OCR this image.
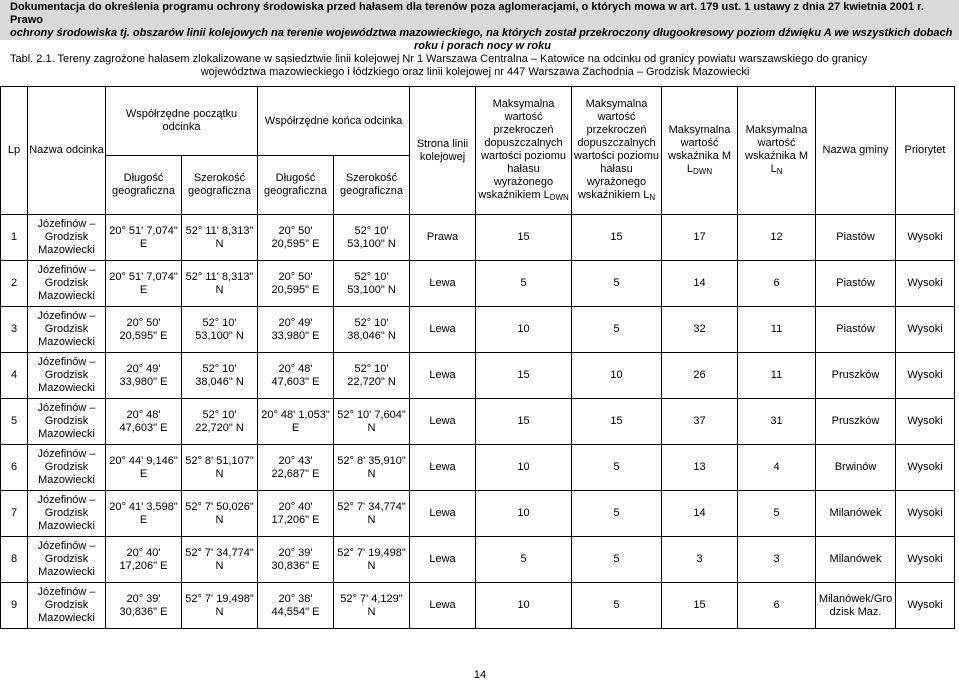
Dokumentacja do określenia programu ochrony środowiska przed hałasem dla terenów poza aglomeracjami, o których mowa w art. 179 ust. 1 ustawy z dnia 27 kwietnia 2001 r. Prawo
ochrony środowiska tj. obszarów linii kolejowych na terenie województwa mazowieckiego, na których został przekroczony długookresowy poziom dźwięku A we wszystkich dobach
roku i porach nocy w roku
Tabl. 2.1. Tereny zagrożone hałasem zlokalizowane w sąsiedztwie linii kolejowej Nr 1 Warszawa Centralna – Katowice na odcinku od granicy powiatu warszawskiego do granicy
województwa mazowieckiego i łódzkiego oraz linii kolejowej nr 447 Warszawa Zachodnia – Grodzisk Mazowiecki
Lp	Nazwa odcinka	Współrzędne początku odcinka		Współrzędne końca odcinka		Strona linii kolejowej	Maksymalna wartość przekroczeń dopuszczalnych wartości poziomu hałasu wyrażonego wskaźnikiem $L_{DWN}$	Maksymalna wartość przekroczeń dopuszczalnych wartości poziomu hałasu wyrażonego wskaźnikiem $L_N$	Maksymalna wartość wskaźnika M $L_{DWN}$	Maksymalna wartość wskaźnika M $L_N$	Nazwa gminy	Priorytet
		Długość geograficzna	Szerokość geograficzna	Długość geograficzna	Szerokość geograficzna							
1	Józefinów – Grodzisk Mazowiecki	20° 51' 7,074" E	52° 11' 8,313" N	20° 50' 20,595" E	52° 10' 53,100" N	Prawa	15	15	17	12	Piastów	Wysoki
2	Józefinów – Grodzisk Mazowiecki	20° 51' 7,074" E	52° 11' 8,313" N	20° 50' 20,595" E	52° 10' 53,100" N	Lewa	5	5	14	6	Piastów	Wysoki
3	Józefinów – Grodzisk Mazowiecki	20° 50' 20,595" E	52° 10' 53,100" N	20° 49' 33,980" E	52° 10' 38,046" N	Lewa	10	5	32	11	Piastów	Wysoki
4	Józefinów – Grodzisk Mazowiecki	20° 49' 33,980" E	52° 10' 38,046" N	20° 48' 47,603" E	52° 10' 22,720" N	Lewa	15	10	26	11	Pruszków	Wysoki
5	Józefinów – Grodzisk Mazowiecki	20° 48' 47,603" E	52° 10' 22,720" N	20° 48' 1,053" E	52° 10' 7,604" N	Lewa	15	15	37	31	Pruszków	Wysoki
6	Józefinów – Grodzisk Mazowiecki	20° 44' 9,146" E	52° 8' 51,107" N	20° 43' 22,687" E	52° 8' 35,910" N	Lewa	10	5	13	4	Brwinów	Wysoki
7	Józefinów – Grodzisk Mazowiecki	20° 41' 3,598" E	52° 7' 50,026" N	20° 40' 17,206" E	52° 7' 34,774" N	Lewa	10	5	14	5	Milanówek	Wysoki
8	Józefinów – Grodzisk Mazowiecki	20° 40' 17,206" E	52° 7' 34,774" N	20° 39' 30,836" E	52° 7' 19,498" N	Lewa	5	5	3	3	Milanówek	Wysoki
9	Józefinów – Grodzisk Mazowiecki	20° 39' 30,836" E	52° 7' 19,498" N	20° 38' 44,554" E	52° 7' 4,129" N	Lewa	10	5	15	6	Milanówek/Grodzisk Maz.	Wysoki
14
